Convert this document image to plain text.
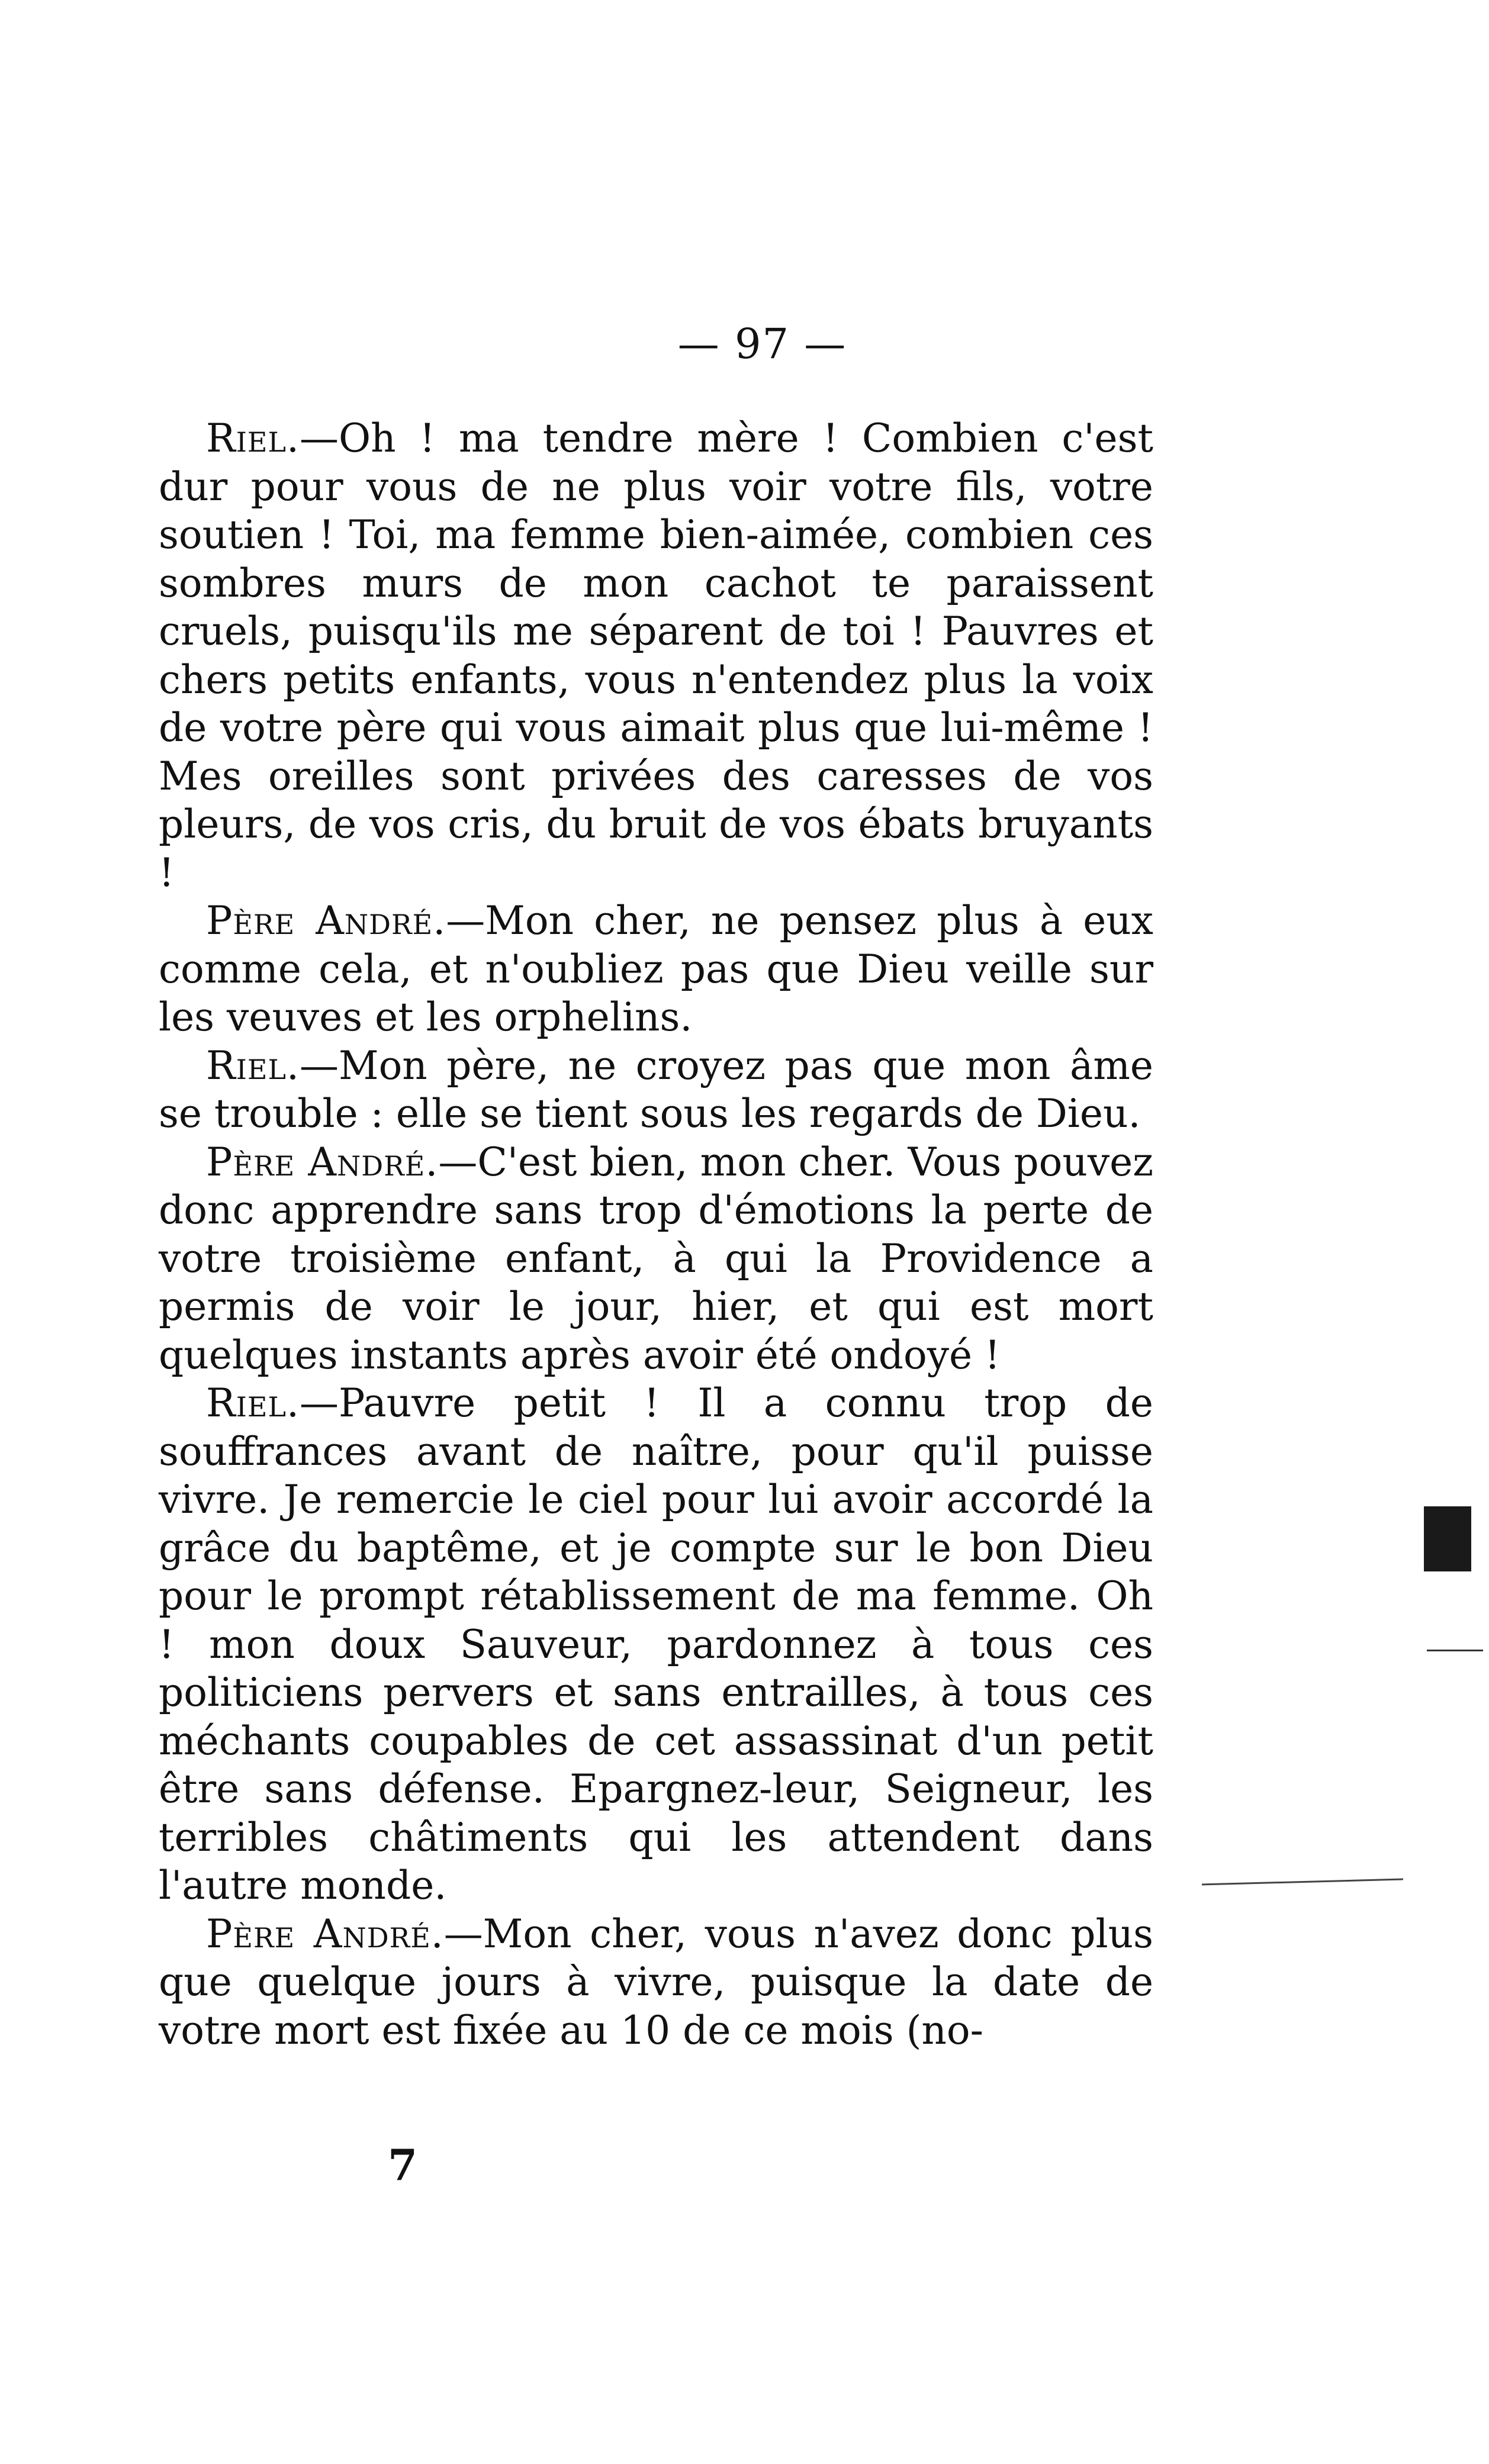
— 97 —

Riel.—Oh ! ma tendre mère ! Combien c'est dur pour vous de ne plus voir votre fils, votre soutien ! Toi, ma femme bien-aimée, combien ces sombres murs de mon cachot te paraissent cruels, puisqu'ils me séparent de toi ! Pauvres et chers petits enfants, vous n'entendez plus la voix de votre père qui vous aimait plus que lui-même ! Mes oreilles sont privées des caresses de vos pleurs, de vos cris, du bruit de vos ébats bruyants !

Père André.—Mon cher, ne pensez plus à eux comme cela, et n'oubliez pas que Dieu veille sur les veuves et les orphelins.

Riel.—Mon père, ne croyez pas que mon âme se trouble : elle se tient sous les regards de Dieu.

Père André.—C'est bien, mon cher. Vous pouvez donc apprendre sans trop d'émotions la perte de votre troisième enfant, à qui la Providence a permis de voir le jour, hier, et qui est mort quelques instants après avoir été ondoyé !

Riel.—Pauvre petit ! Il a connu trop de souffrances avant de naître, pour qu'il puisse vivre. Je remercie le ciel pour lui avoir accordé la grâce du baptême, et je compte sur le bon Dieu pour le prompt rétablissement de ma femme. Oh ! mon doux Sauveur, pardonnez à tous ces politiciens pervers et sans entrailles, à tous ces méchants coupables de cet assassinat d'un petit être sans défense. Epargnez-leur, Seigneur, les terribles châtiments qui les attendent dans l'autre monde.

Père André.—Mon cher, vous n'avez donc plus que quelque jours à vivre, puisque la date de votre mort est fixée au 10 de ce mois (no-

7
